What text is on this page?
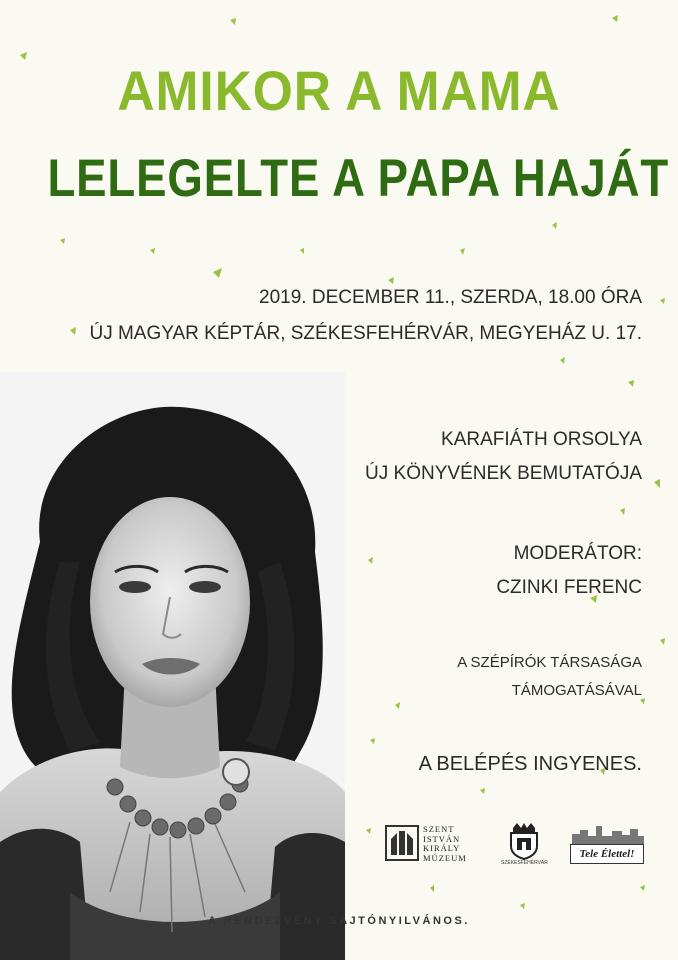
AMIKOR A MAMA
LELEGELTE A PAPA HAJÁT
2019. DECEMBER 11., SZERDA, 18.00 ÓRA
ÚJ MAGYAR KÉPTÁR, SZÉKESFEHÉRVÁR, MEGYEHÁZ U. 17.
KARAFIÁTH ORSOLYA
ÚJ KÖNYVÉNEK BEMUTATÓJA
MODERÁTOR:
CZINKI FERENC
A SZÉPÍRÓK TÁRSASÁGA
TÁMOGATÁSÁVAL
A BELÉPÉS INGYENES.
SZENT
ISTVÁN
KIRÁLY
MÚZEUM
SZÉKESFEHÉRVÁR
Tele Élettel!
A RENDEZVÉNY SAJTÓNYILVÁNOS.
